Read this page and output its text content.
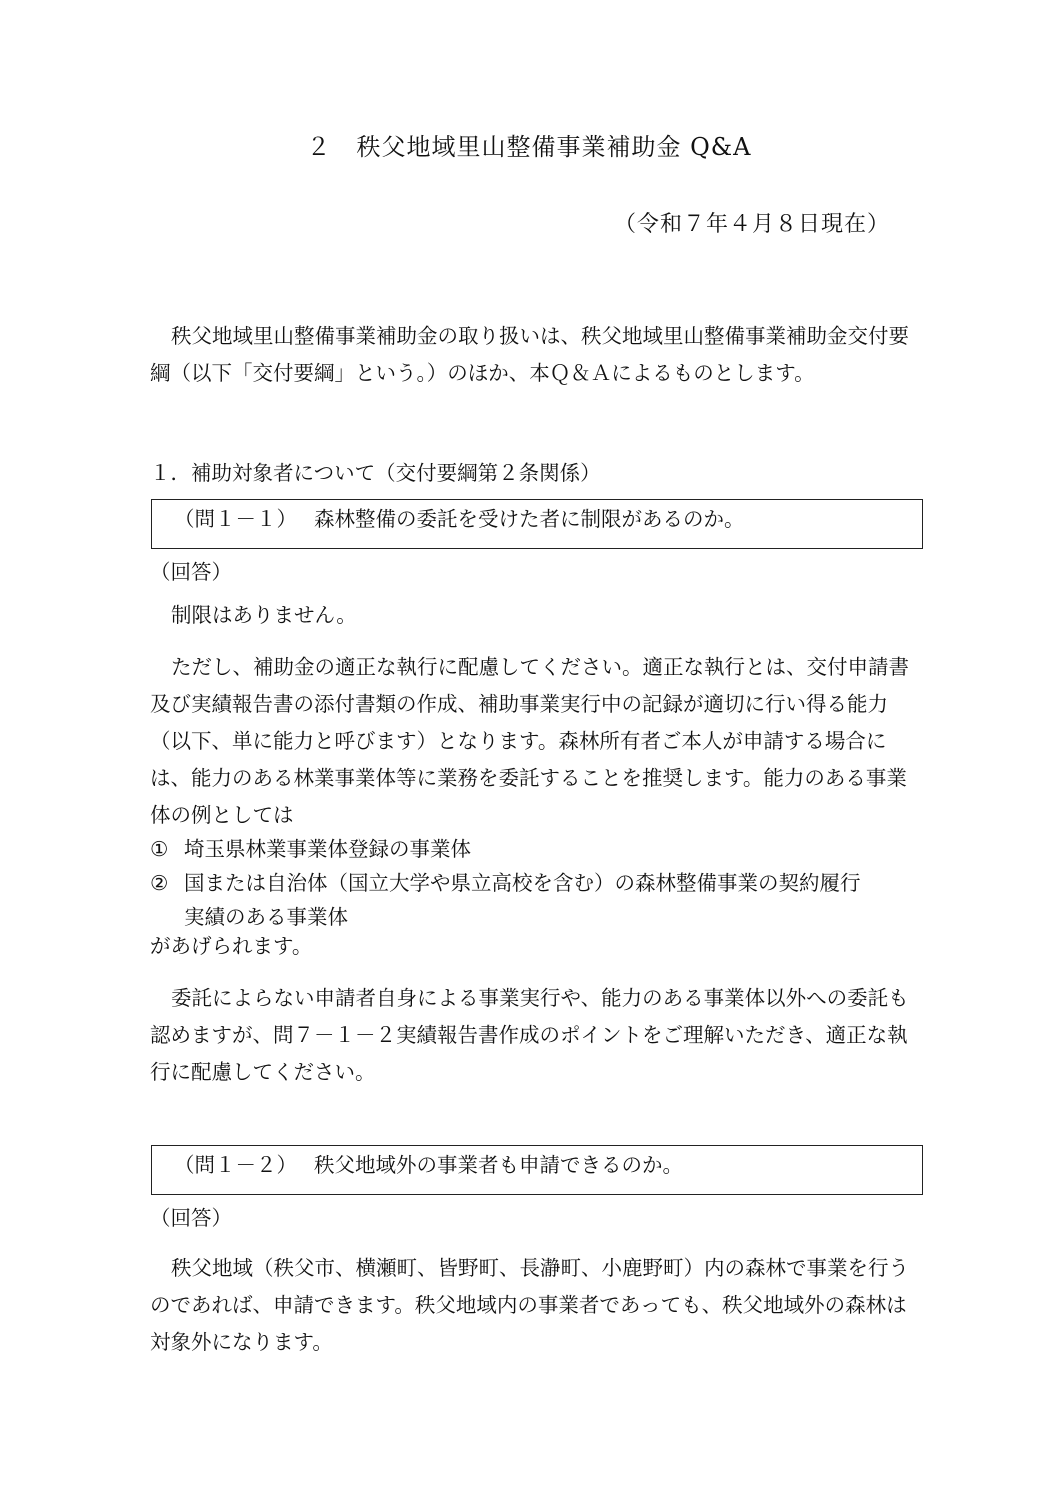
２　秩父地域里山整備事業補助金 Q&A
（令和７年４月８日現在）

秩父地域里山整備事業補助金の取り扱いは、秩父地域里山整備事業補助金交付要綱（以下「交付要綱」という。）のほか、本Ｑ＆Ａによるものとします。

１．補助対象者について（交付要綱第２条関係）
（問１－１） 森林整備の委託を受けた者に制限があるのか。
（回答）

制限はありません。

ただし、補助金の適正な執行に配慮してください。適正な執行とは、交付申請書及び実績報告書の添付書類の作成、補助事業実行中の記録が適切に行い得る能力（以下、単に能力と呼びます）となります。森林所有者ご本人が申請する場合には、能力のある林業事業体等に業務を委託することを推奨します。能力のある事業体の例としては

① 埼玉県林業事業体登録の事業体

② 国または自治体（国立大学や県立高校を含む）の森林整備事業の契約履行
実績のある事業体

があげられます。

委託によらない申請者自身による事業実行や、能力のある事業体以外への委託も認めますが、問７－１－２実績報告書作成のポイントをご理解いただき、適正な執行に配慮してください。

（問１－２） 秩父地域外の事業者も申請できるのか。
（回答）

秩父地域（秩父市、横瀬町、皆野町、長瀞町、小鹿野町）内の森林で事業を行うのであれば、申請できます。秩父地域内の事業者であっても、秩父地域外の森林は対象外になります。
